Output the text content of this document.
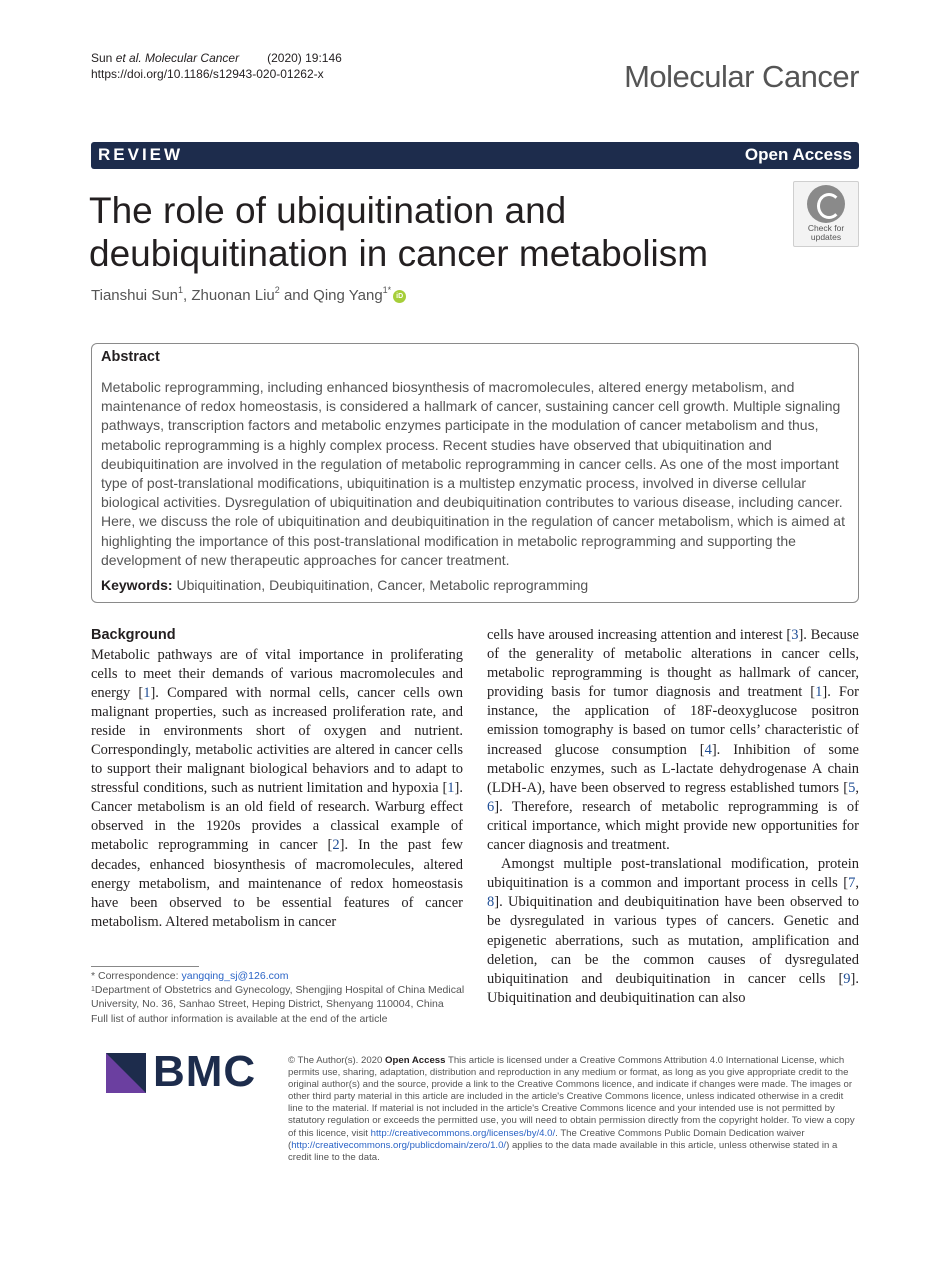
Sun et al. Molecular Cancer (2020) 19:146
https://doi.org/10.1186/s12943-020-01262-x	Molecular Cancer
REVIEW	Open Access
Check for
updates
The role of ubiquitination and deubiquitination in cancer metabolism
Tianshui Sun$^1$, Zhuonan Liu$^2$ and Qing Yang$^{1*}$iD
Abstract
Metabolic reprogramming, including enhanced biosynthesis of macromolecules, altered energy metabolism, and maintenance of redox homeostasis, is considered a hallmark of cancer, sustaining cancer cell growth. Multiple signaling pathways, transcription factors and metabolic enzymes participate in the modulation of cancer metabolism and thus, metabolic reprogramming is a highly complex process. Recent studies have observed that ubiquitination and deubiquitination are involved in the regulation of metabolic reprogramming in cancer cells. As one of the most important type of post-translational modifications, ubiquitination is a multistep enzymatic process, involved in diverse cellular biological activities. Dysregulation of ubiquitination and deubiquitination contributes to various disease, including cancer. Here, we discuss the role of ubiquitination and deubiquitination in the regulation of cancer metabolism, which is aimed at highlighting the importance of this post-translational modification in metabolic reprogramming and supporting the development of new therapeutic approaches for cancer treatment.
Keywords: Ubiquitination, Deubiquitination, Cancer, Metabolic reprogramming
Background

Metabolic pathways are of vital importance in proliferating cells to meet their demands of various macromolecules and energy [1]. Compared with normal cells, cancer cells own malignant properties, such as increased proliferation rate, and reside in environments short of oxygen and nutrient. Correspondingly, metabolic activities are altered in cancer cells to support their malignant biological behaviors and to adapt to stressful conditions, such as nutrient limitation and hypoxia [1]. Cancer metabolism is an old field of research. Warburg effect observed in the 1920s provides a classical example of metabolic reprogramming in cancer [2]. In the past few decades, enhanced biosynthesis of macromolecules, altered energy metabolism, and maintenance of redox homeostasis have been observed to be essential features of cancer metabolism. Altered metabolism in cancer

cells have aroused increasing attention and interest [3]. Because of the generality of metabolic alterations in cancer cells, metabolic reprogramming is thought as hallmark of cancer, providing basis for tumor diagnosis and treatment [1]. For instance, the application of 18F-deoxyglucose positron emission tomography is based on tumor cells’ characteristic of increased glucose consumption [4]. Inhibition of some metabolic enzymes, such as L-lactate dehydrogenase A chain (LDH-A), have been observed to regress established tumors [5, 6]. Therefore, research of metabolic reprogramming is of critical importance, which might provide new opportunities for cancer diagnosis and treatment.

Amongst multiple post-translational modification, protein ubiquitination is a common and important process in cells [7, 8]. Ubiquitination and deubiquitination have been observed to be dysregulated in various types of cancers. Genetic and epigenetic aberrations, such as mutation, amplification and deletion, can be the common causes of dysregulated ubiquitination and deubiquitination in cancer cells [9]. Ubiquitination and deubiquitination can also

* Correspondence: yangqing_sj@126.com
$^1$Department of Obstetrics and Gynecology, Shengjing Hospital of China Medical University, No. 36, Sanhao Street, Heping District, Shenyang 110004, China
Full list of author information is available at the end of the article
BMC	© The Author(s). 2020 Open Access This article is licensed under a Creative Commons Attribution 4.0 International License, which permits use, sharing, adaptation, distribution and reproduction in any medium or format, as long as you give appropriate credit to the original author(s) and the source, provide a link to the Creative Commons licence, and indicate if changes were made. The images or other third party material in this article are included in the article's Creative Commons licence, unless indicated otherwise in a credit line to the material. If material is not included in the article's Creative Commons licence and your intended use is not permitted by statutory regulation or exceeds the permitted use, you will need to obtain permission directly from the copyright holder. To view a copy of this licence, visit http://creativecommons.org/licenses/by/4.0/. The Creative Commons Public Domain Dedication waiver (http://creativecommons.org/publicdomain/zero/1.0/) applies to the data made available in this article, unless otherwise stated in a credit line to the data.
